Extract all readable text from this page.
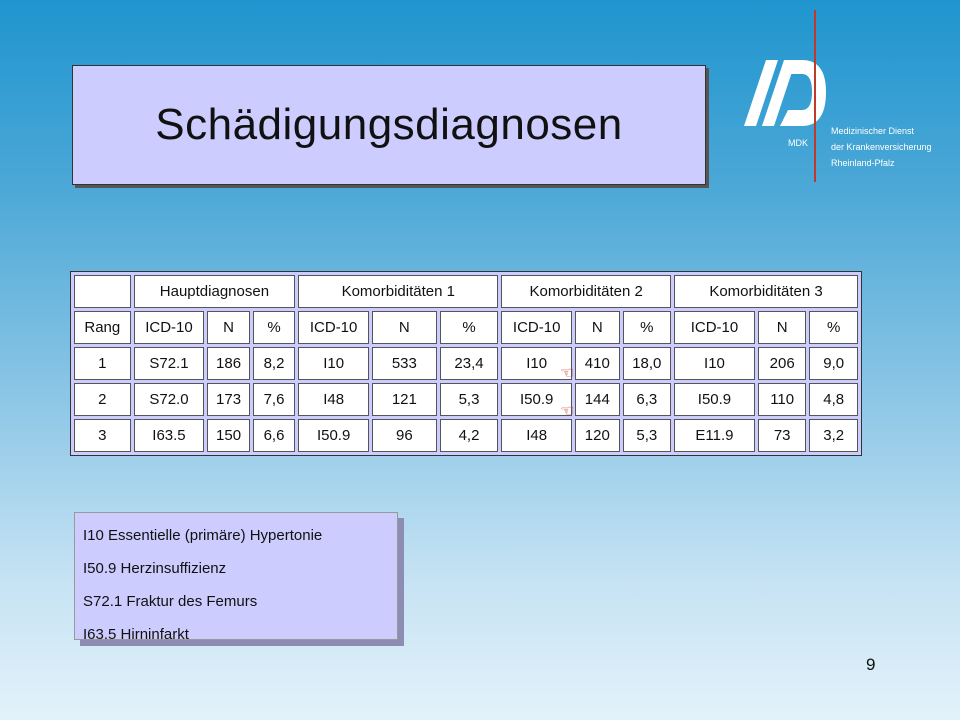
Schädigungsdiagnosen	MDK
Medizinischer Dienst
der Krankenversicherung
Rheinland-Pfalz
	Hauptdiagnosen			Komorbiditäten 1			Komorbiditäten 2			Komorbiditäten 3		
Rang	ICD-10	N	%	ICD-10	N	%	ICD-10	N	%	ICD-10	N	%
1	S72.1	186	8,2	I10	533	23,4	I10	410	18,0	I10	206	9,0
2	S72.0	173	7,6	I48	121	5,3	I50.9	144	6,3	I50.9	110	4,8
3	I63.5	150	6,6	I50.9	96	4,2	I48	120	5,3	E11.9	73	3,2
☜
☜
I10 Essentielle (primäre) Hypertonie
I50.9 Herzinsuffizienz
S72.1 Fraktur des Femurs
I63.5 Hirninfarkt
9
